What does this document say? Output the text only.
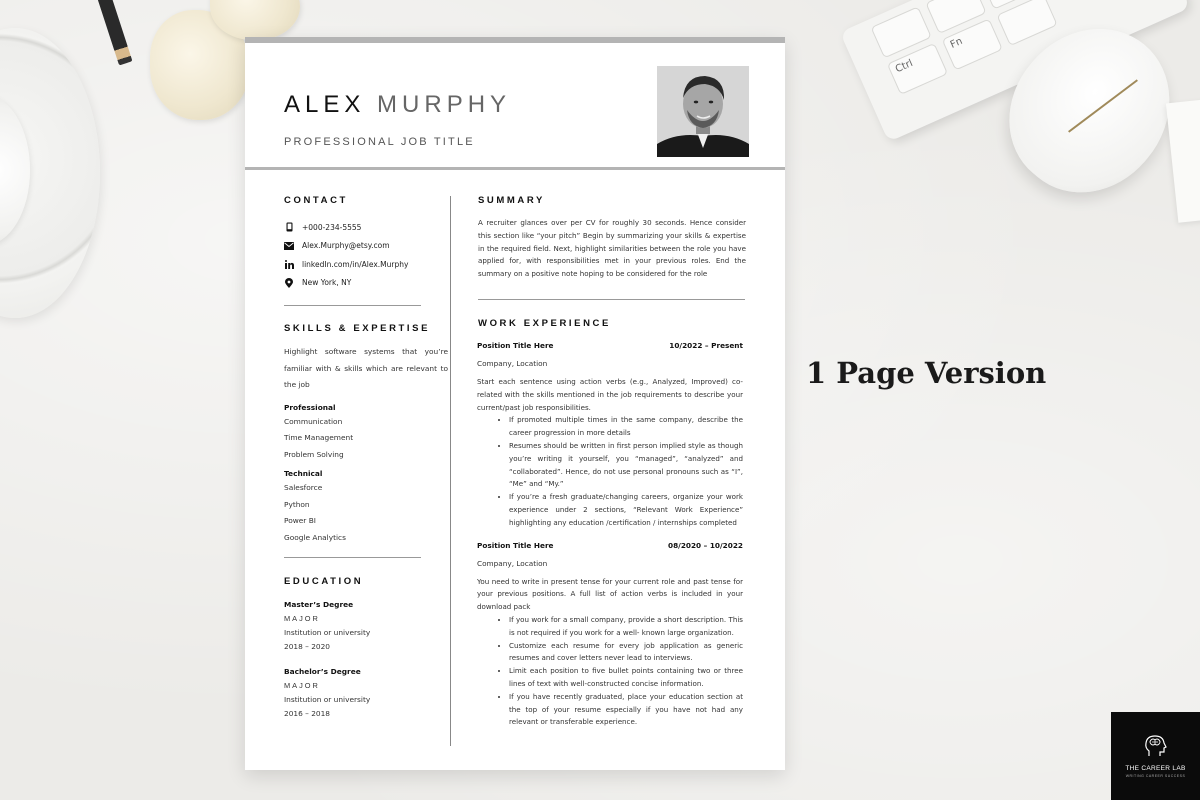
Ctrl
Fn
ALEX MURPHY
PROFESSIONAL JOB TITLE
CONTACT
+000-234-5555
Alex.Murphy@etsy.com
linkedIn.com/in/Alex.Murphy
New York, NY
SKILLS & EXPERTISE
Highlight software systems that you’re familiar with & skills which are relevant to the job
Professional
Communication
Time Management
Problem Solving
Technical
Salesforce
Python
Power BI
Google Analytics
EDUCATION
Master’s Degree
MAJOR
Institution or university
2018 – 2020
Bachelor’s Degree
MAJOR
Institution or university
2016 – 2018
SUMMARY
A recruiter glances over per CV for roughly 30 seconds. Hence consider this section like “your pitch” Begin by summarizing your skills & expertise in the required field. Next, highlight similarities between the role you have applied for, with responsibilities met in your previous roles. End the summary on a positive note hoping to be considered for the role
WORK EXPERIENCE
Position Title Here	10/2022 – Present
Company, Location
Start each sentence using action verbs (e.g., Analyzed, Improved) co-related with the skills mentioned in the job requirements to describe your current/past job responsibilities.
• If promoted multiple times in the same company, describe the career progression in more details
• Resumes should be written in first person implied style as though you’re writing it yourself, you “managed”, “analyzed” and “collaborated”. Hence, do not use personal pronouns such as “I”, “Me” and “My.”
• If you’re a fresh graduate/changing careers, organize your work experience under 2 sections, “Relevant Work Experience” highlighting any education /certification / internships completed
Position Title Here	08/2020 – 10/2022
Company, Location
You need to write in present tense for your current role and past tense for your previous positions. A full list of action verbs is included in your download pack
• If you work for a small company, provide a short description. This is not required if you work for a well- known large organization.
• Customize each resume for every job application as generic resumes and cover letters never lead to interviews.
• Limit each position to five bullet points containing two or three lines of text with well-constructed concise information.
• If you have recently graduated, place your education section at the top of your resume especially if you have not had any relevant or transferable experience.
1 Page Version
THE CAREER LAB
WRITING CAREER SUCCESS
